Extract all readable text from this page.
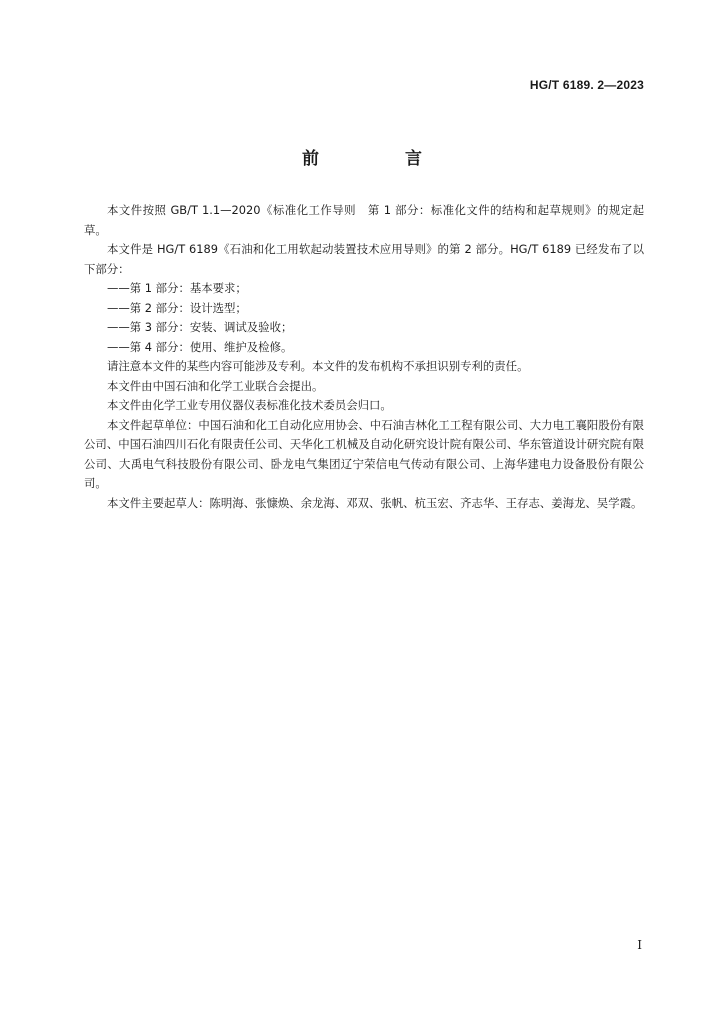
HG/T 6189. 2—2023
前 言

本文件按照 GB/T 1.1—2020《标准化工作导则　第 1 部分：标准化文件的结构和起草规则》的规定起草。

本文件是 HG/T 6189《石油和化工用软起动装置技术应用导则》的第 2 部分。HG/T 6189 已经发布了以下部分：

——第 1 部分：基本要求；

——第 2 部分：设计选型；

——第 3 部分：安装、调试及验收；

——第 4 部分：使用、维护及检修。

请注意本文件的某些内容可能涉及专利。本文件的发布机构不承担识别专利的责任。

本文件由中国石油和化学工业联合会提出。

本文件由化学工业专用仪器仪表标准化技术委员会归口。

本文件起草单位：中国石油和化工自动化应用协会、中石油吉林化工工程有限公司、大力电工襄阳股份有限公司、中国石油四川石化有限责任公司、天华化工机械及自动化研究设计院有限公司、华东管道设计研究院有限公司、大禹电气科技股份有限公司、卧龙电气集团辽宁荣信电气传动有限公司、上海华建电力设备股份有限公司。

本文件主要起草人：陈明海、张慷焕、余龙海、邓双、张帆、杭玉宏、齐志华、王存志、姜海龙、吴学霞。

Ⅰ
